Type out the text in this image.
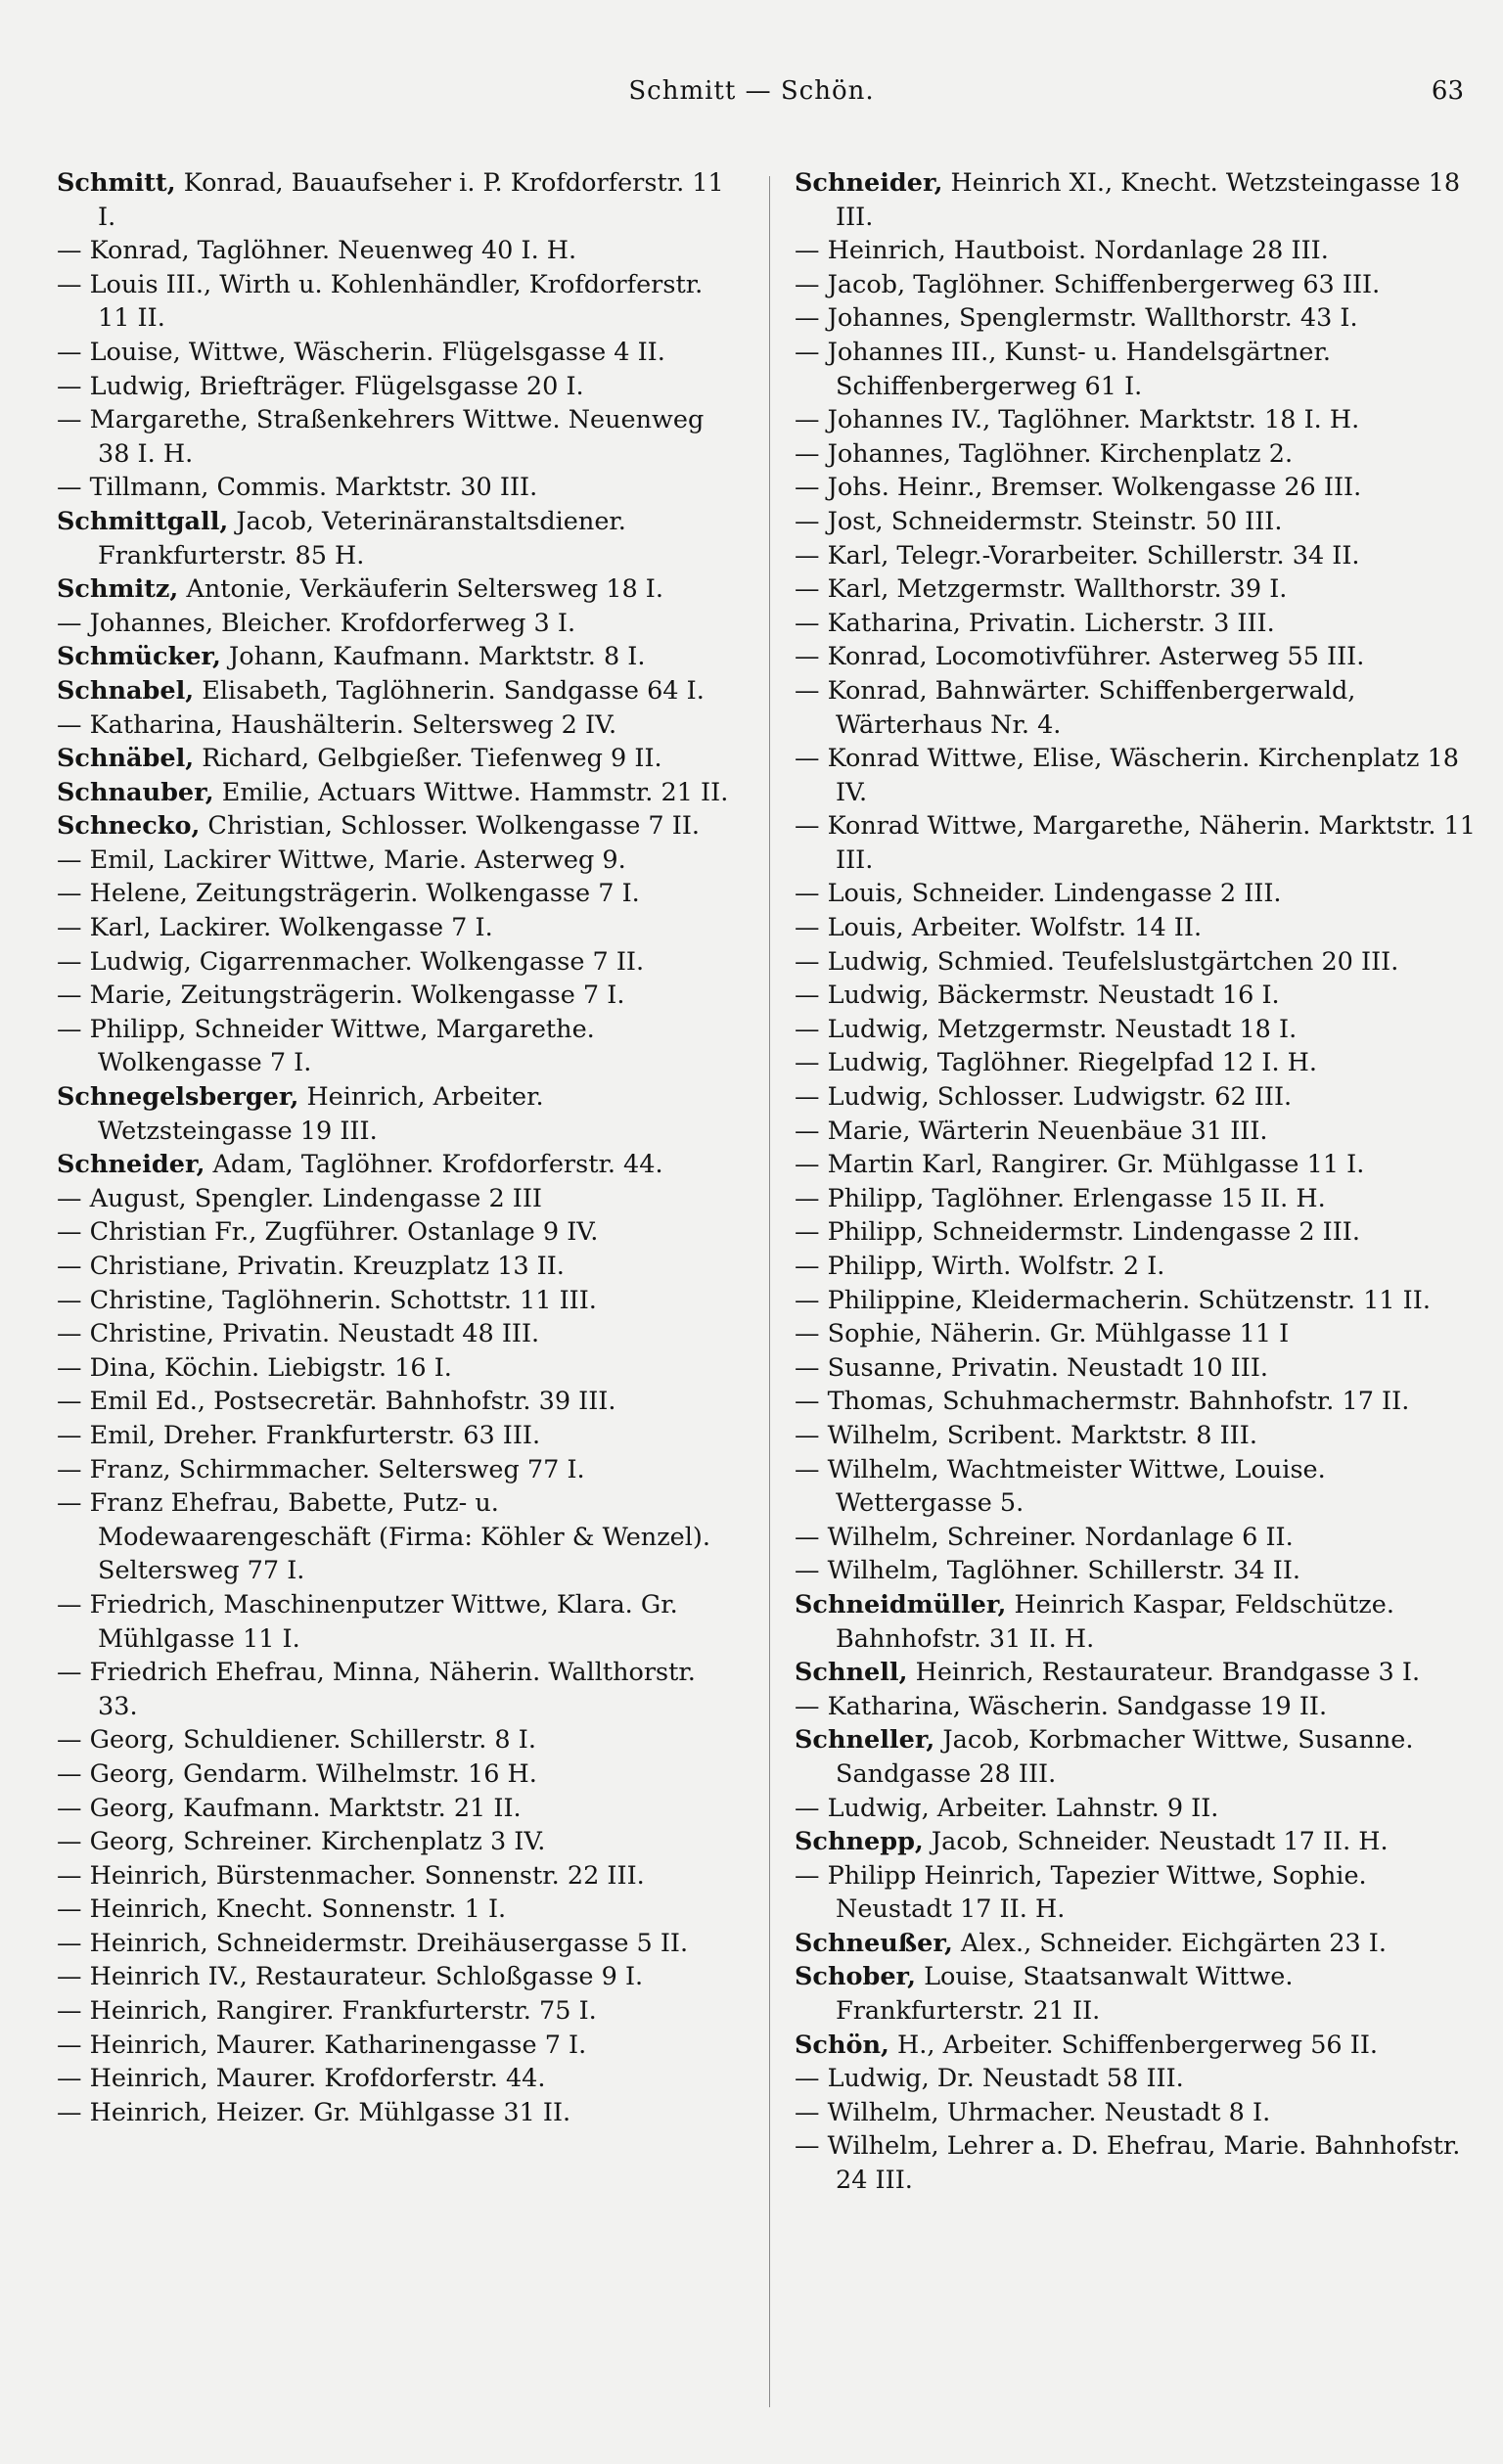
Schmitt — Schön.	63

Schmitt, Konrad, Bauaufseher i. P. Krofdorferstr. 11 I.

— Konrad, Taglöhner. Neuenweg 40 I. H.

— Louis III., Wirth u. Kohlenhändler, Krofdorferstr. 11 II.

— Louise, Wittwe, Wäscherin. Flügelsgasse 4 II.

— Ludwig, Briefträger. Flügelsgasse 20 I.

— Margarethe, Straßenkehrers Wittwe. Neuenweg 38 I. H.

— Tillmann, Commis. Marktstr. 30 III.

Schmittgall, Jacob, Veterinäranstaltsdiener. Frankfurterstr. 85 H.

Schmitz, Antonie, Verkäuferin Selterswеg 18 I.

— Johannes, Bleicher. Krofdorferweg 3 I.

Schmücker, Johann, Kaufmann. Marktstr. 8 I.

Schnabel, Elisabeth, Taglöhnerin. Sandgasse 64 I.

— Katharina, Haushälterin. Selterswеg 2 IV.

Schnäbel, Richard, Gelbgießer. Tiefenweg 9 II.

Schnauber, Emilie, Actuars Wittwe. Hammstr. 21 II.

Schnecko, Christian, Schlosser. Wolkengasse 7 II.

— Emil, Lackirer Wittwe, Marie. Asterweg 9.

— Helene, Zeitungsträgerin. Wolkengasse 7 I.

— Karl, Lackirer. Wolkengasse 7 I.

— Ludwig, Cigarrenmacher. Wolkengasse 7 II.

— Marie, Zeitungsträgerin. Wolkengasse 7 I.

— Philipp, Schneider Wittwe, Margarethe. Wolkengasse 7 I.

Schnegelsberger, Heinrich, Arbeiter. Wetzsteingasse 19 III.

Schneider, Adam, Taglöhner. Krofdorferstr. 44.

— August, Spengler. Lindengasse 2 III

— Christian Fr., Zugführer. Ostanlage 9 IV.

— Christiane, Privatin. Kreuzplatz 13 II.

— Christine, Taglöhnerin. Schottstr. 11 III.

— Christine, Privatin. Neustadt 48 III.

— Dina, Köchin. Liebigstr. 16 I.

— Emil Ed., Postsecretär. Bahnhofstr. 39 III.

— Emil, Dreher. Frankfurterstr. 63 III.

— Franz, Schirmmacher. Selterswеg 77 I.

— Franz Ehefrau, Babette, Putz- u. Modewaarengeschäft (Firma: Köhler & Wenzel). Selterswеg 77 I.

— Friedrich, Maschinenputzer Wittwe, Klara. Gr. Mühlgasse 11 I.

— Friedrich Ehefrau, Minna, Näherin. Wallthorstr. 33.

— Georg, Schuldiener. Schillerstr. 8 I.

— Georg, Gendarm. Wilhelmstr. 16 H.

— Georg, Kaufmann. Marktstr. 21 II.

— Georg, Schreiner. Kirchenplatz 3 IV.

— Heinrich, Bürstenmacher. Sonnenstr. 22 III.

— Heinrich, Knecht. Sonnenstr. 1 I.

— Heinrich, Schneidermstr. Dreihäusergasse 5 II.

— Heinrich IV., Restaurateur. Schloßgasse 9 I.

— Heinrich, Rangirer. Frankfurterstr. 75 I.

— Heinrich, Maurer. Katharinengasse 7 I.

— Heinrich, Maurer. Krofdorferstr. 44.

— Heinrich, Heizer. Gr. Mühlgasse 31 II.

Schneider, Heinrich XI., Knecht. Wetzsteingasse 18 III.

— Heinrich, Hautboist. Nordanlage 28 III.

— Jacob, Taglöhner. Schiffenbergerweg 63 III.

— Johannes, Spenglermstr. Wallthorstr. 43 I.

— Johannes III., Kunst- u. Handelsgärtner. Schiffenbergerweg 61 I.

— Johannes IV., Taglöhner. Marktstr. 18 I. H.

— Johannes, Taglöhner. Kirchenplatz 2.

— Johs. Heinr., Bremser. Wolkengasse 26 III.

— Jost, Schneidermstr. Steinstr. 50 III.

— Karl, Telegr.-Vorarbeiter. Schillerstr. 34 II.

— Karl, Metzgermstr. Wallthorstr. 39 I.

— Katharina, Privatin. Licherstr. 3 III.

— Konrad, Locomotivführer. Asterweg 55 III.

— Konrad, Bahnwärter. Schiffenbergerwald, Wärterhaus Nr. 4.

— Konrad Wittwe, Elise, Wäscherin. Kirchenplatz 18 IV.

— Konrad Wittwe, Margarethe, Näherin. Marktstr. 11 III.

— Louis, Schneider. Lindengasse 2 III.

— Louis, Arbeiter. Wolfstr. 14 II.

— Ludwig, Schmied. Teufelslustgärtchen 20 III.

— Ludwig, Bäckermstr. Neustadt 16 I.

— Ludwig, Metzgermstr. Neustadt 18 I.

— Ludwig, Taglöhner. Riegelpfad 12 I. H.

— Ludwig, Schlosser. Ludwigstr. 62 III.

— Marie, Wärterin Neuenbäue 31 III.

— Martin Karl, Rangirer. Gr. Mühlgasse 11 I.

— Philipp, Taglöhner. Erlengasse 15 II. H.

— Philipp, Schneidermstr. Lindengasse 2 III.

— Philipp, Wirth. Wolfstr. 2 I.

— Philippine, Kleidermacherin. Schützenstr. 11 II.

— Sophie, Näherin. Gr. Mühlgasse 11 I

— Susanne, Privatin. Neustadt 10 III.

— Thomas, Schuhmachermstr. Bahnhofstr. 17 II.

— Wilhelm, Scribent. Marktstr. 8 III.

— Wilhelm, Wachtmeister Wittwe, Louise. Wettergasse 5.

— Wilhelm, Schreiner. Nordanlage 6 II.

— Wilhelm, Taglöhner. Schillerstr. 34 II.

Schneidmüller, Heinrich Kaspar, Feldschütze. Bahnhofstr. 31 II. H.

Schnell, Heinrich, Restaurateur. Brandgasse 3 I.

— Katharina, Wäscherin. Sandgasse 19 II.

Schneller, Jacob, Korbmacher Wittwe, Susanne. Sandgasse 28 III.

— Ludwig, Arbeiter. Lahnstr. 9 II.

Schnepp, Jacob, Schneider. Neustadt 17 II. H.

— Philipp Heinrich, Tapezier Wittwe, Sophie. Neustadt 17 II. H.

Schneußer, Alex., Schneider. Eichgärten 23 I.

Schober, Louise, Staatsanwalt Wittwe. Frankfurterstr. 21 II.

Schön, H., Arbeiter. Schiffenbergerweg 56 II.

— Ludwig, Dr. Neustadt 58 III.

— Wilhelm, Uhrmacher. Neustadt 8 I.

— Wilhelm, Lehrer a. D. Ehefrau, Marie. Bahnhofstr. 24 III.
